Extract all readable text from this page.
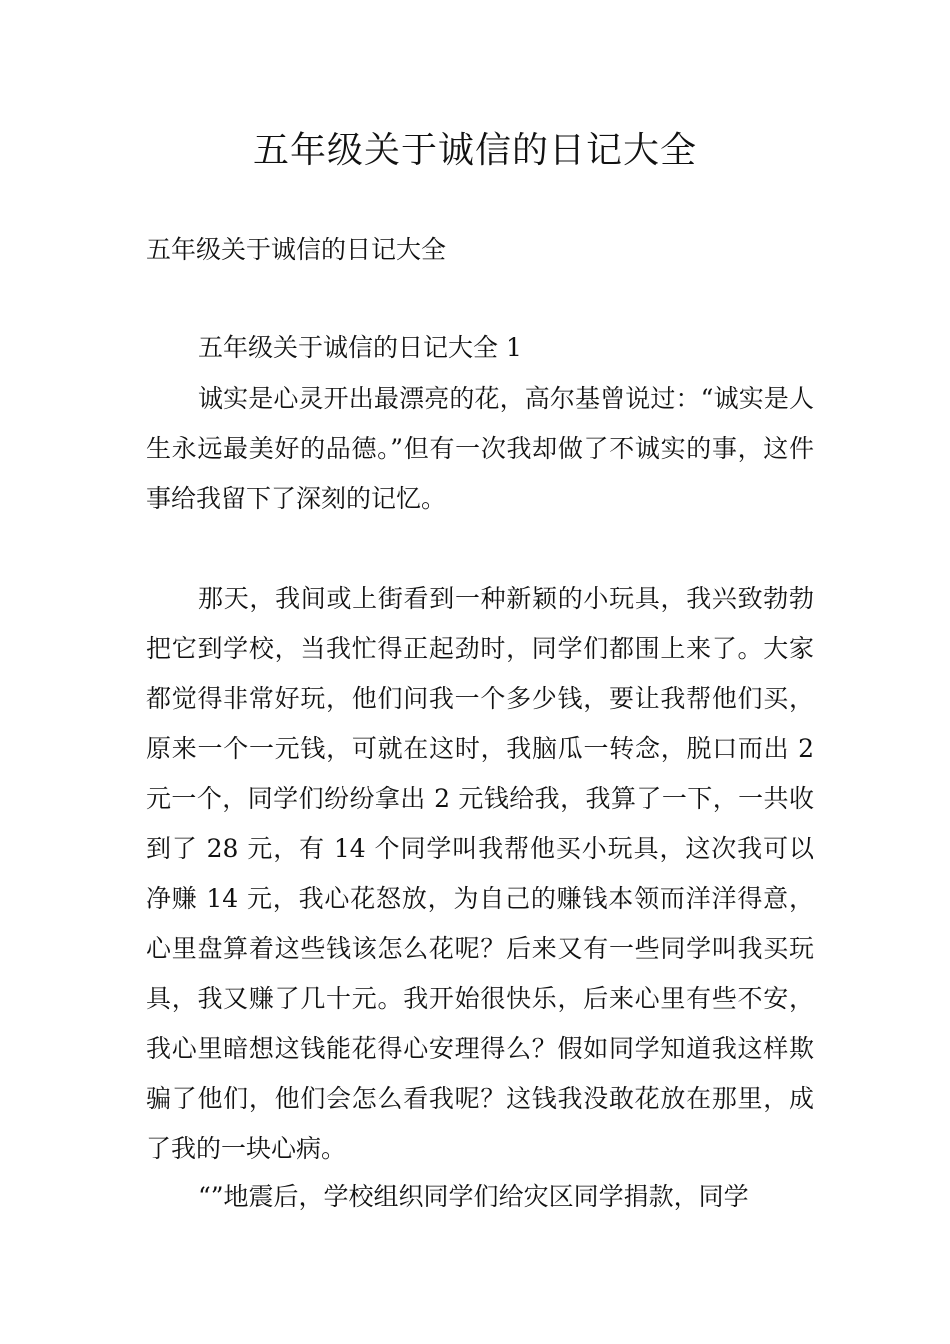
五年级关于诚信的日记大全

五年级关于诚信的日记大全

五年级关于诚信的日记大全 1

诚实是心灵开出最漂亮的花，高尔基曾说过：“诚实是人生永远最美好的品德。”但有一次我却做了不诚实的事，这件事给我留下了深刻的记忆。

那天，我间或上街看到一种新颖的小玩具，我兴致勃勃把它到学校，当我忙得正起劲时，同学们都围上来了。大家都觉得非常好玩，他们问我一个多少钱，要让我帮他们买，原来一个一元钱，可就在这时，我脑瓜一转念，脱口而出 2 元一个，同学们纷纷拿出 2 元钱给我，我算了一下，一共收到了 28 元，有 14 个同学叫我帮他买小玩具，这次我可以净赚 14 元，我心花怒放，为自己的赚钱本领而洋洋得意，心里盘算着这些钱该怎么花呢？后来又有一些同学叫我买玩具，我又赚了几十元。我开始很快乐，后来心里有些不安，我心里暗想这钱能花得心安理得么？假如同学知道我这样欺骗了他们，他们会怎么看我呢？这钱我没敢花放在那里，成了我的一块心病。

“”地震后，学校组织同学们给灾区同学捐款，同学
